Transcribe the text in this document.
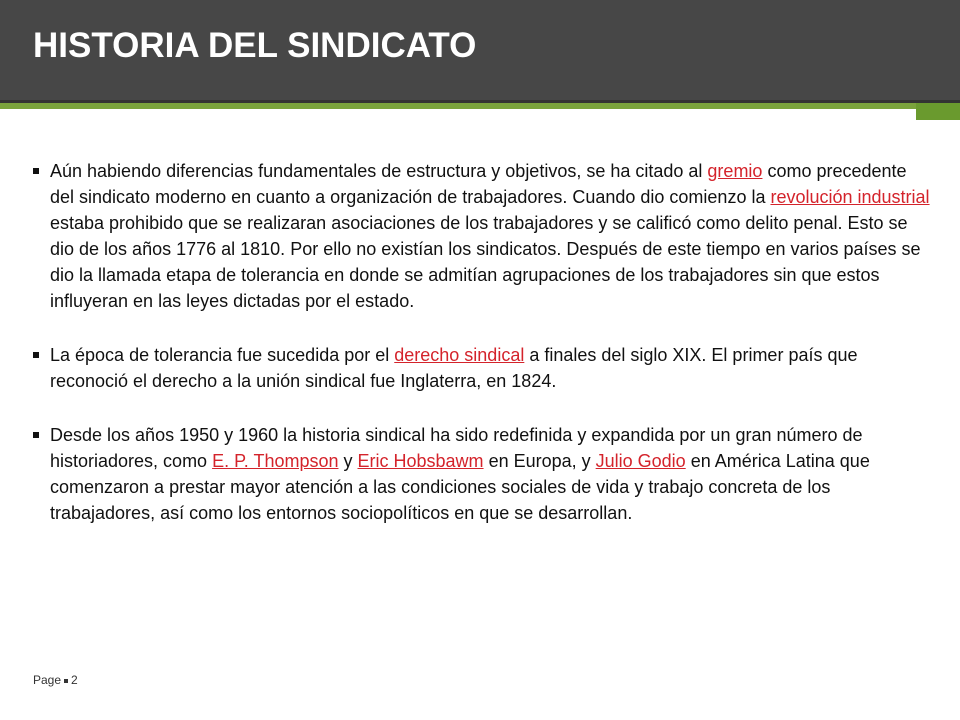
HISTORIA DEL SINDICATO
Aún habiendo diferencias fundamentales de estructura y objetivos, se ha citado al gremio como precedente del sindicato moderno en cuanto a organización de trabajadores. Cuando dio comienzo la revolución industrial estaba prohibido que se realizaran asociaciones de los trabajadores y se calificó como delito penal. Esto se dio de los años 1776 al 1810. Por ello no existían los sindicatos. Después de este tiempo en varios países se dio la llamada etapa de tolerancia en donde se admitían agrupaciones de los trabajadores sin que estos influyeran en las leyes dictadas por el estado.
La época de tolerancia fue sucedida por el derecho sindical a finales del siglo XIX. El primer país que reconoció el derecho a la unión sindical fue Inglaterra, en 1824.
Desde los años 1950 y 1960 la historia sindical ha sido redefinida y expandida por un gran número de historiadores, como E. P. Thompson y Eric Hobsbawm en Europa, y Julio Godio en América Latina que comenzaron a prestar mayor atención a las condiciones sociales de vida y trabajo concreta de los trabajadores, así como los entornos sociopolíticos en que se desarrollan.
Page 2
